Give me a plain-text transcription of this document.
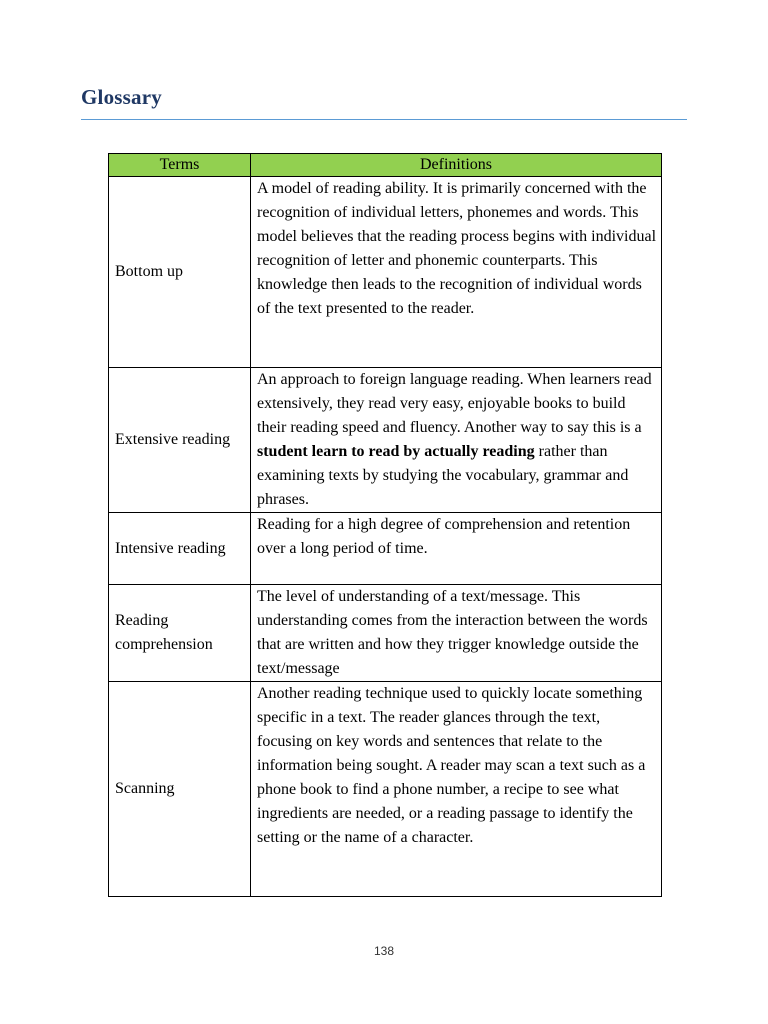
Glossary
Terms	Definitions
Bottom up	A model of reading ability. It is primarily concerned with the recognition of individual letters, phonemes and words. This model believes that the reading process begins with individual recognition of letter and phonemic counterparts. This knowledge then leads to the recognition of individual words of the text presented to the reader.
Extensive reading	An approach to foreign language reading. When learners read extensively, they read very easy, enjoyable books to build their reading speed and fluency. Another way to say this is a student learn to read by actually reading rather than examining texts by studying the vocabulary, grammar and phrases.
Intensive reading	Reading for a high degree of comprehension and retention over a long period of time.
Reading comprehension	The level of understanding of a text/message. This understanding comes from the interaction between the words that are written and how they trigger knowledge outside the text/message
Scanning	Another reading technique used to quickly locate something specific in a text. The reader glances through the text, focusing on key words and sentences that relate to the information being sought. A reader may scan a text such as a phone book to find a phone number, a recipe to see what ingredients are needed, or a reading passage to identify the setting or the name of a character.
138
